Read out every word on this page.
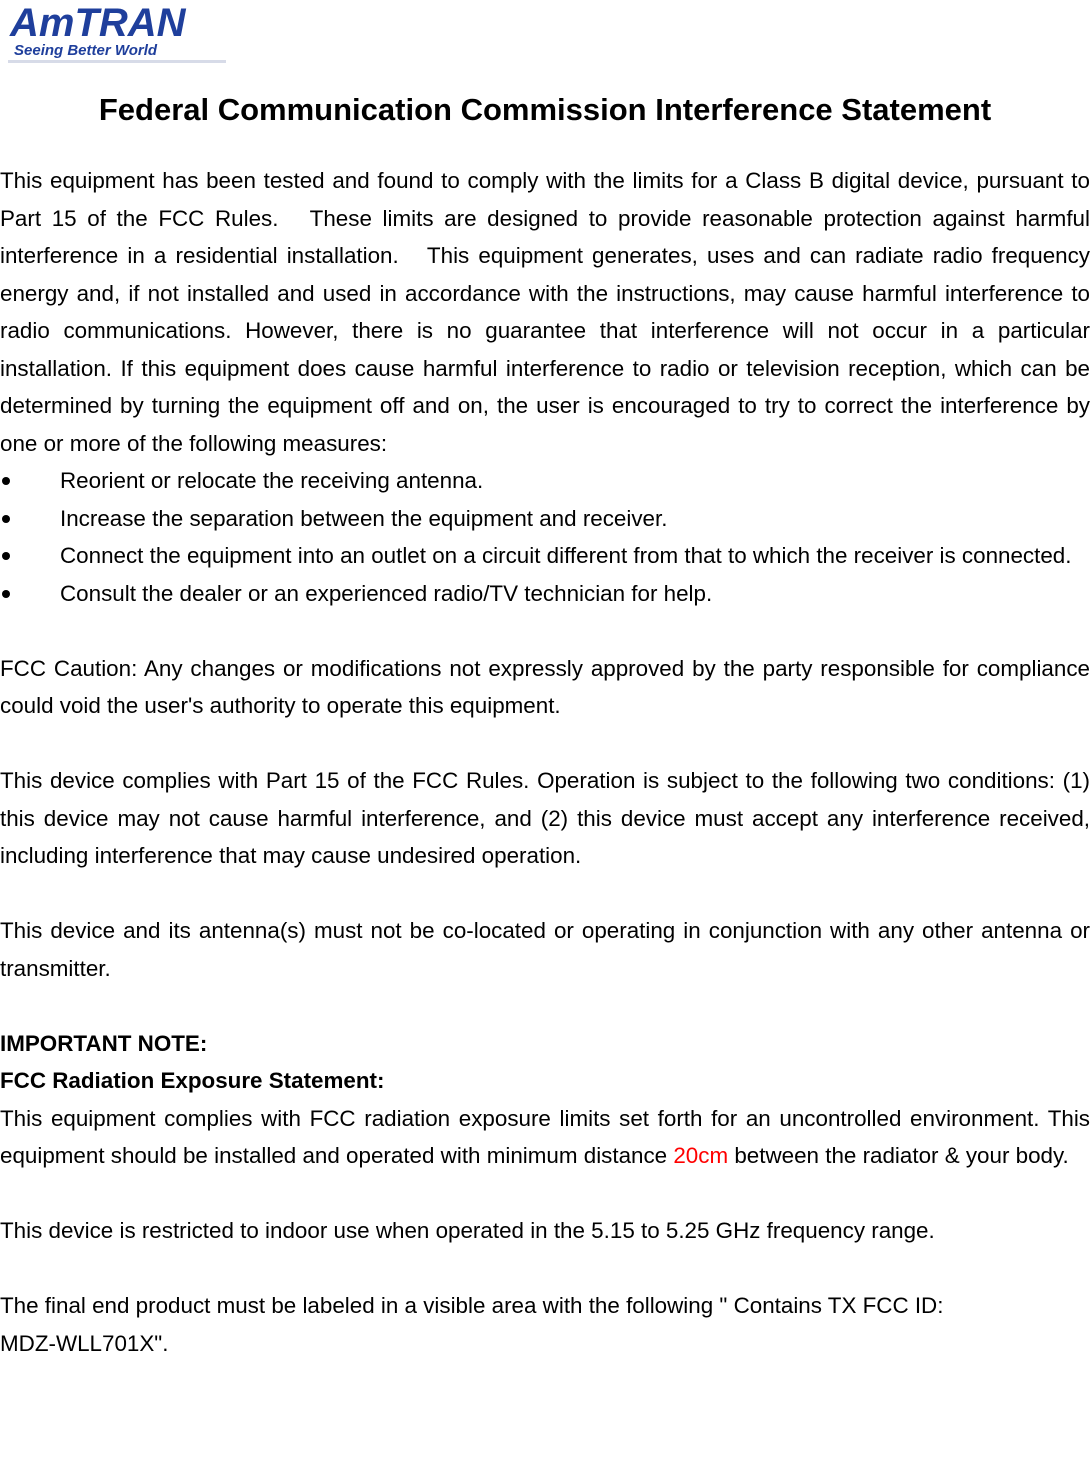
AmTRAN
Seeing Better World
Federal Communication Commission Interference Statement

This equipment has been tested and found to comply with the limits for a Class B digital device, pursuant to Part 15 of the FCC Rules.　These limits are designed to provide reasonable protection against harmful interference in a residential installation.　This equipment generates, uses and can radiate radio frequency energy and, if not installed and used in accordance with the instructions, may cause harmful interference to radio communications. However, there is no guarantee that interference will not occur in a particular installation. If this equipment does cause harmful interference to radio or television reception, which can be determined by turning the equipment off and on, the user is encouraged to try to correct the interference by one or more of the following measures:

Reorient or relocate the receiving antenna.
Increase the separation between the equipment and receiver.
Connect the equipment into an outlet on a circuit different from that to which the receiver is connected.
Consult the dealer or an experienced radio/TV technician for help.

FCC Caution: Any changes or modifications not expressly approved by the party responsible for compliance could void the user's authority to operate this equipment.

This device complies with Part 15 of the FCC Rules. Operation is subject to the following two conditions: (1) this device may not cause harmful interference, and (2) this device must accept any interference received, including interference that may cause undesired operation.

This device and its antenna(s) must not be co-located or operating in conjunction with any other antenna or transmitter.

IMPORTANT NOTE:

FCC Radiation Exposure Statement:

This equipment complies with FCC radiation exposure limits set forth for an uncontrolled environment. This equipment should be installed and operated with minimum distance 20cm between the radiator & your body.

This device is restricted to indoor use when operated in the 5.15 to 5.25 GHz frequency range.

The final end product must be labeled in a visible area with the following " Contains TX FCC ID:

MDZ-WLL701X".
